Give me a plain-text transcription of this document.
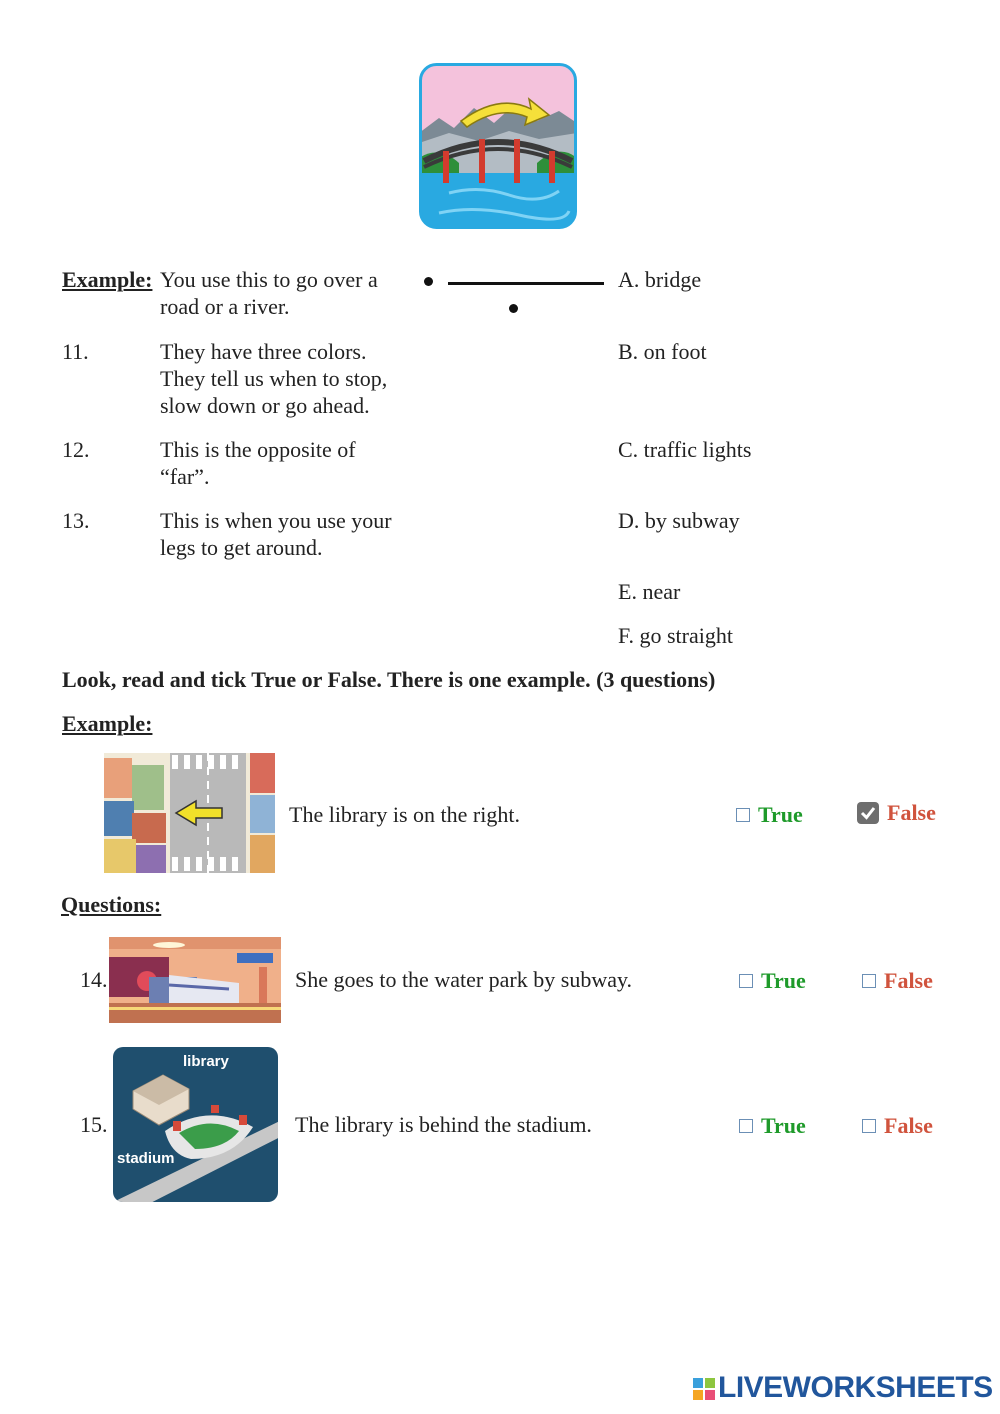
Example: You use this to go over a
road or a river.
11.	They have three colors.
They tell us when to stop,
slow down or go ahead.
12.	This is the opposite of
“far”.
13.	This is when you use your
legs to get around.
A. bridge
B. on foot
C. traffic lights
D. by subway
E. near
F. go straight
Look, read and tick True or False. There is one example. (3 questions)
Example:
The library is on the right.	True	False
Questions:
14.	She goes to the water park by subway.	True	False
15.
library
stadium
The library is behind the stadium.	True	False
LIVEWORKSHEETS
